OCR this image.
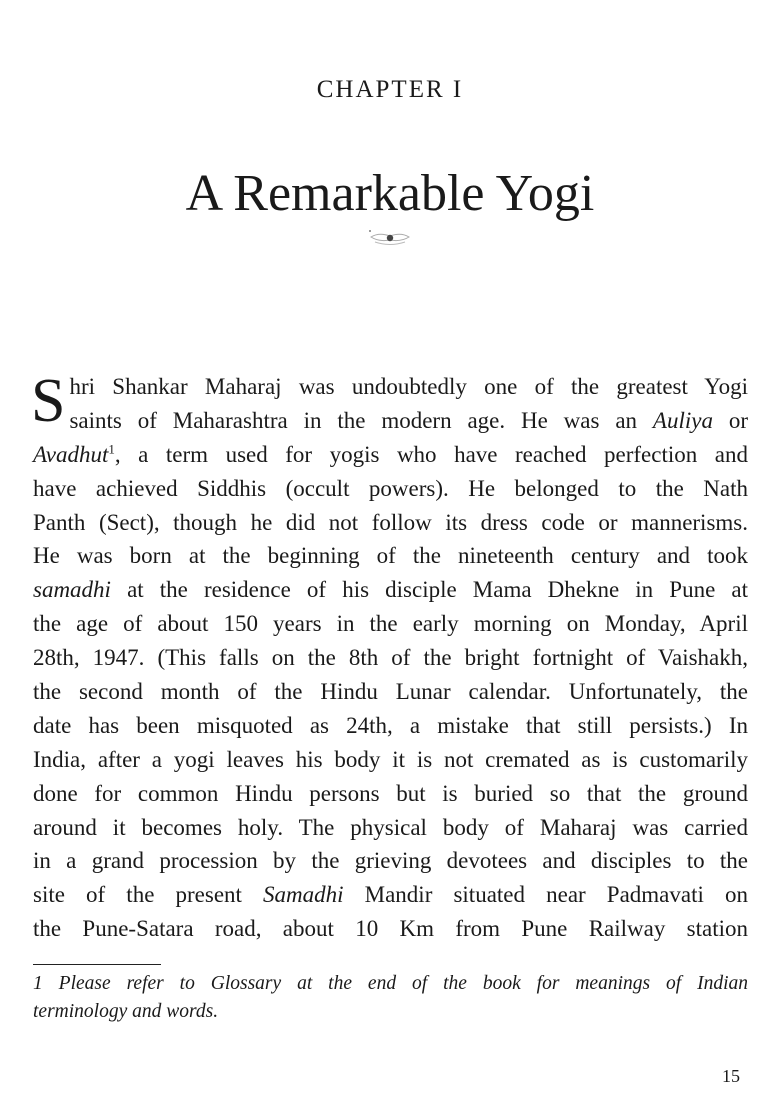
CHAPTER I
A Remarkable Yogi
S hri Shankar Maharaj was undoubtedly one of the greatest Yogi
saints of Maharashtra in the modern age. He was an Auliya or
Avadhut$^1$, a term used for yogis who have reached perfection and
have achieved Siddhis (occult powers). He belonged to the Nath
Panth (Sect), though he did not follow its dress code or mannerisms.
He was born at the beginning of the nineteenth century and took
samadhi at the residence of his disciple Mama Dhekne in Pune at
the age of about 150 years in the early morning on Monday, April
28th, 1947. (This falls on the 8th of the bright fortnight of Vaishakh,
the second month of the Hindu Lunar calendar. Unfortunately, the
date has been misquoted as 24th, a mistake that still persists.) In
India, after a yogi leaves his body it is not cremated as is customarily
done for common Hindu persons but is buried so that the ground
around it becomes holy. The physical body of Maharaj was carried
in a grand procession by the grieving devotees and disciples to the
site of the present Samadhi Mandir situated near Padmavati on
the Pune-Satara road, about 10 Km from Pune Railway station
1 Please refer to Glossary at the end of the book for meanings of Indian
terminology and words.
15
